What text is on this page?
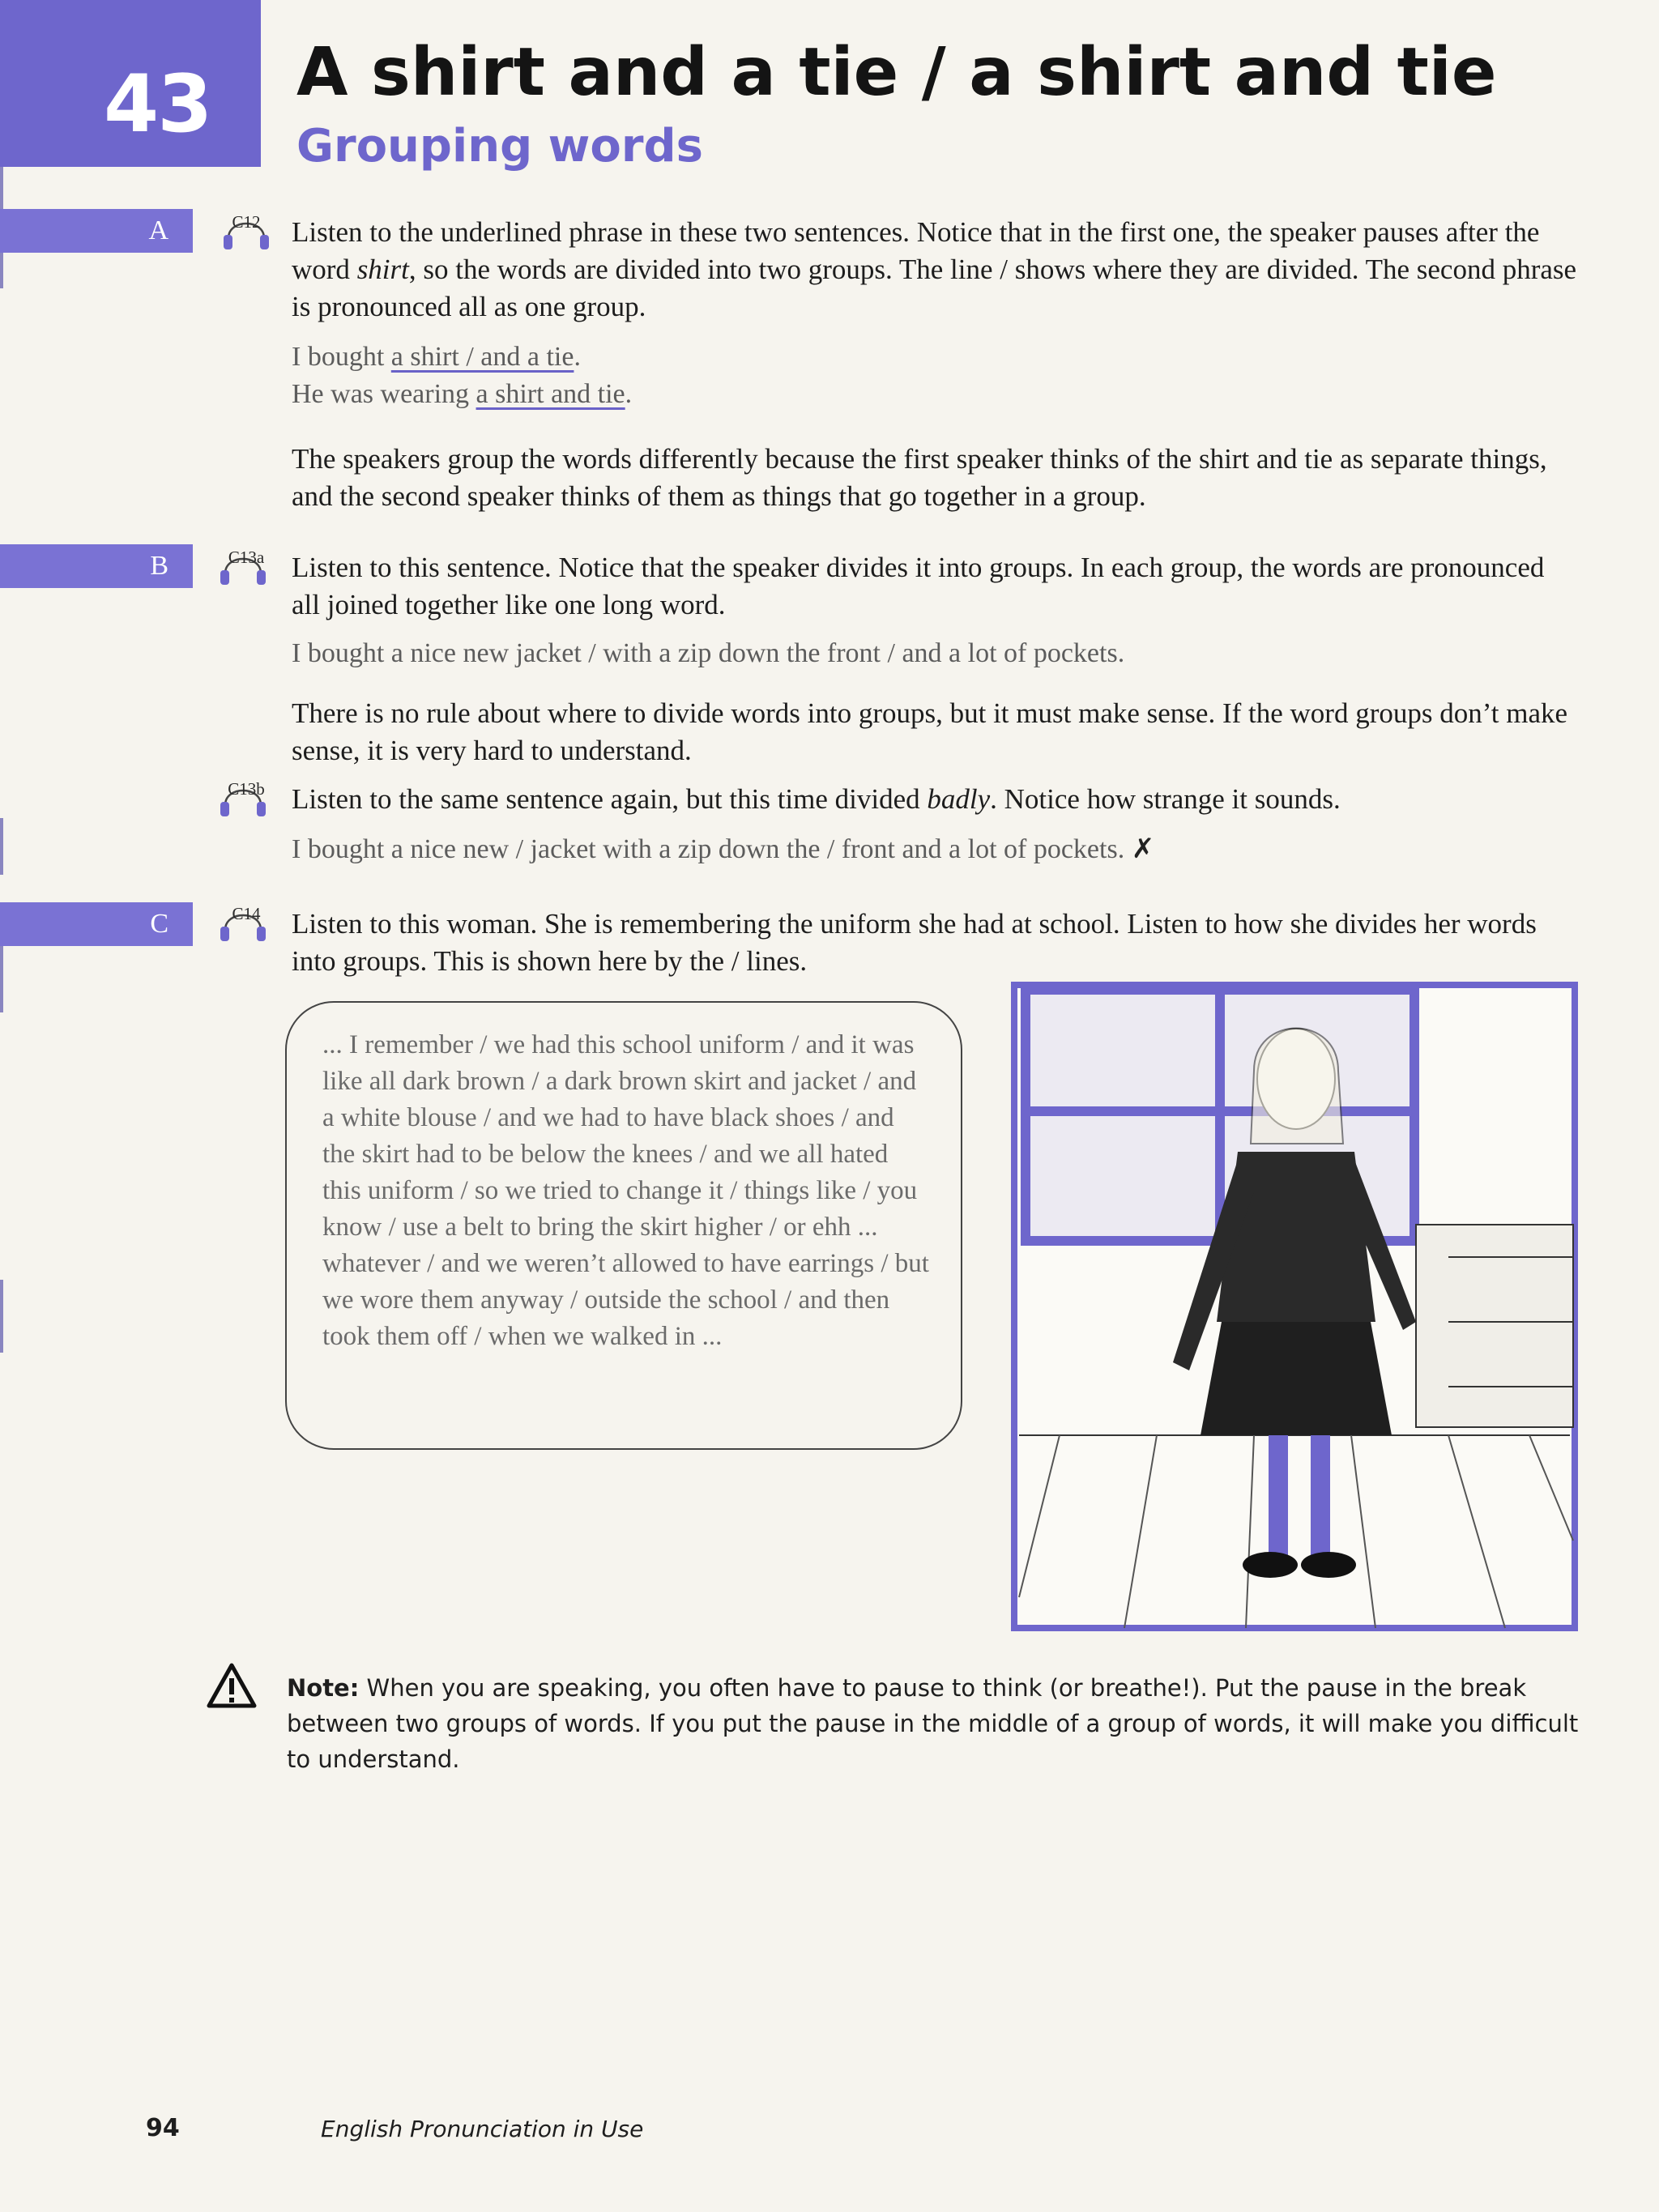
43 A shirt and a tie / a shirt and tie
Grouping words
A	C12	Listen to the underlined phrase in these two sentences. Notice that in the first one, the speaker pauses after the word shirt, so the words are divided into two groups. The line / shows where they are divided. The second phrase is pronounced all as one group.

I bought a shirt / and a tie.

He was wearing a shirt and tie.

The speakers group the words differently because the first speaker thinks of the shirt and tie as separate things, and the second speaker thinks of them as things that go together in a group.

B	C13a Listen to this sentence. Notice that the speaker divides it into groups. In each group, the words are pronounced all joined together like one long word.

I bought a nice new jacket / with a zip down the front / and a lot of pockets.

There is no rule about where to divide words into groups, but it must make sense. If the word groups don’t make sense, it is very hard to understand.

C13b Listen to the same sentence again, but this time divided badly. Notice how strange it sounds.

I bought a nice new / jacket with a zip down the / front and a lot of pockets. ✗

C	C14	Listen to this woman. She is remembering the uniform she had at school. Listen to how she divides her words into groups. This is shown here by the / lines.

... I remember / we had this school uniform / and it was like all dark brown / a dark brown skirt and jacket / and a white blouse / and we had to have black shoes / and the skirt had to be below the knees / and we all hated this uniform / so we tried to change it / things like / you know / use a belt to bring the skirt higher / or ehh ... whatever / and we weren’t allowed to have earrings / but we wore them anyway / outside the school / and then took them off / when we walked in ...
Note: When you are speaking, you often have to pause to think (or breathe!). Put the pause in the break between two groups of words. If you put the pause in the middle of a group of words, it will make you difficult to understand.
94	English Pronunciation in Use
